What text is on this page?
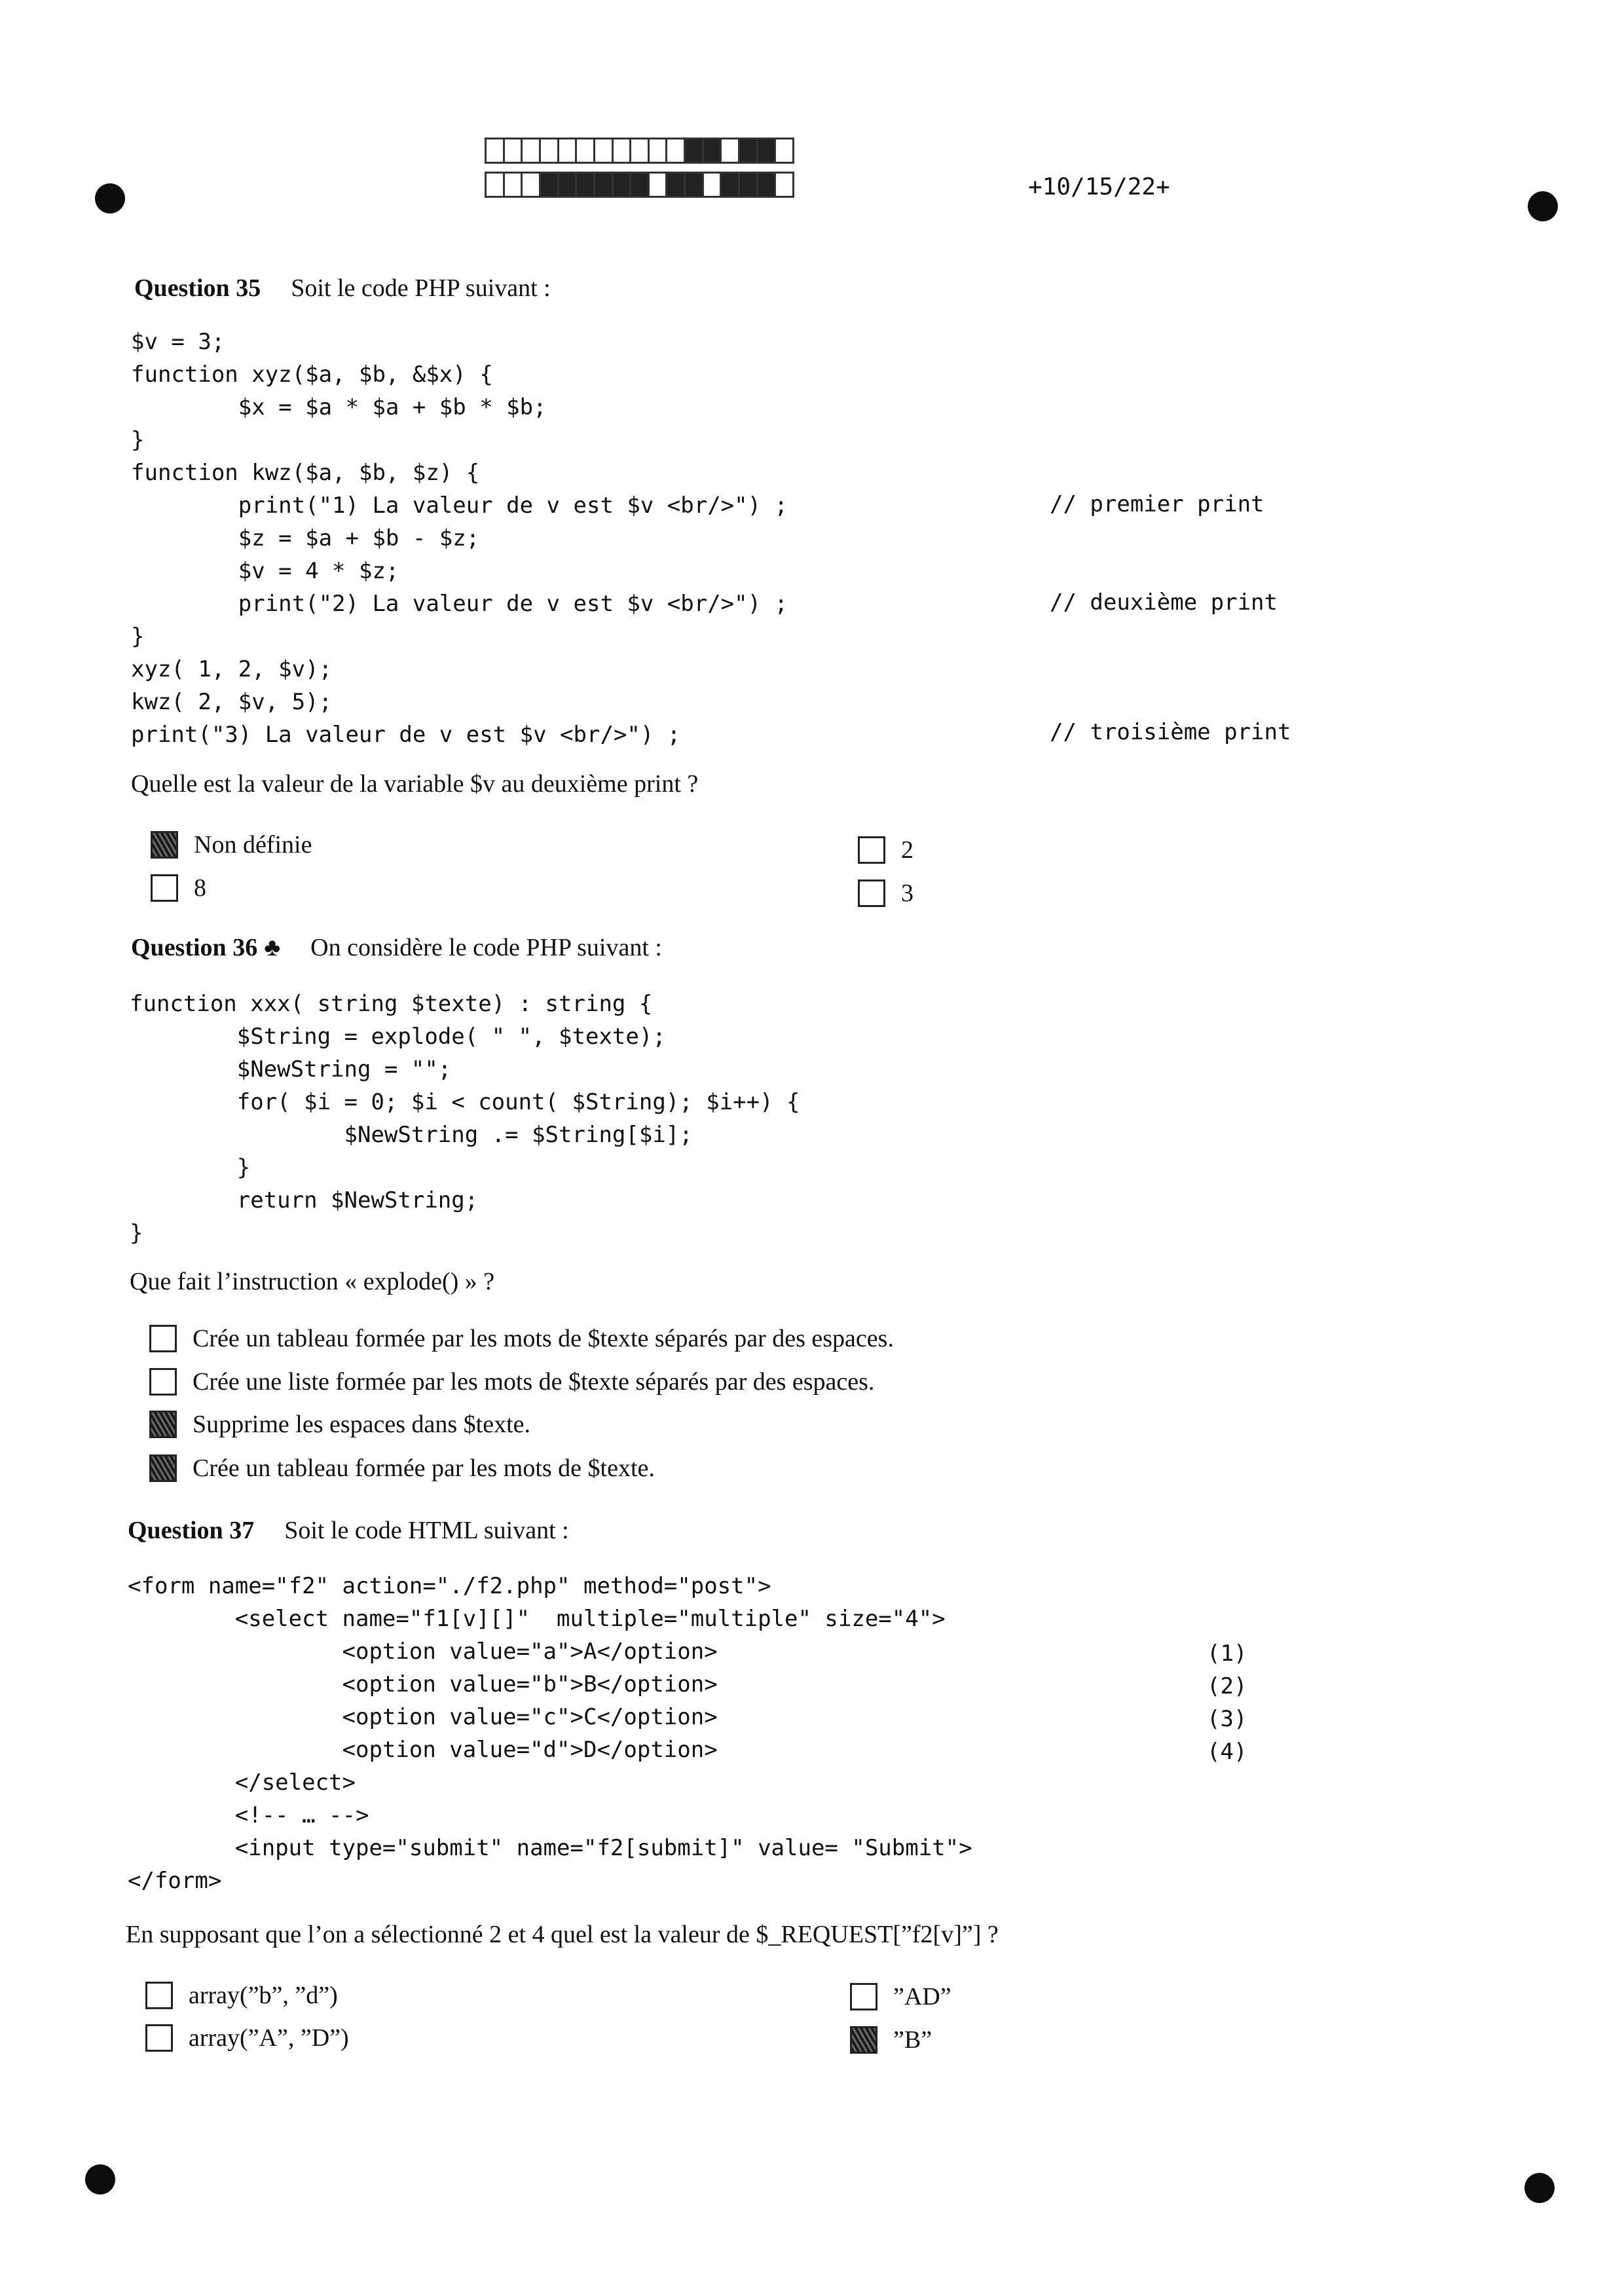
+10/15/22+
Question 35 Soit le code PHP suivant :
$v = 3;
function xyz($a, $b, &$x) {
$x = $a * $a + $b * $b;
}
function kwz($a, $b, $z) {
print("1) La valeur de v est $v <br/>") ;
$z = $a + $b - $z;
$v = 4 * $z;
print("2) La valeur de v est $v <br/>") ;
}
xyz( 1, 2, $v);
kwz( 2, $v, 5);
print("3) La valeur de v est $v <br/>") ;
// premier print
// deuxième print
// troisième print
Quelle est la valeur de la variable $v au deuxième print ?
Non définie
8
2
3
Question 36 ♣ On considère le code PHP suivant :
function xxx( string $texte) : string {
$String = explode( " ", $texte);
$NewString = "";
for( $i = 0; $i < count( $String); $i++) {
$NewString .= $String[$i];
}
return $NewString;
}
Que fait l’instruction « explode() » ?
Crée un tableau formée par les mots de $texte séparés par des espaces.
Crée une liste formée par les mots de $texte séparés par des espaces.
Supprime les espaces dans $texte.
Crée un tableau formée par les mots de $texte.
Question 37 Soit le code HTML suivant :
<form name="f2" action="./f2.php" method="post">
<select name="f1[v][]"  multiple="multiple" size="4">
<option value="a">A</option>
<option value="b">B</option>
<option value="c">C</option>
<option value="d">D</option>
</select>
<!-- … -->
<input type="submit" name="f2[submit]" value= "Submit">
</form>
(1)
(2)
(3)
(4)
En supposant que l’on a sélectionné 2 et 4 quel est la valeur de $_REQUEST[”f2[v]”] ?
array(”b”, ”d”)
array(”A”, ”D”)
”AD”
”B”
